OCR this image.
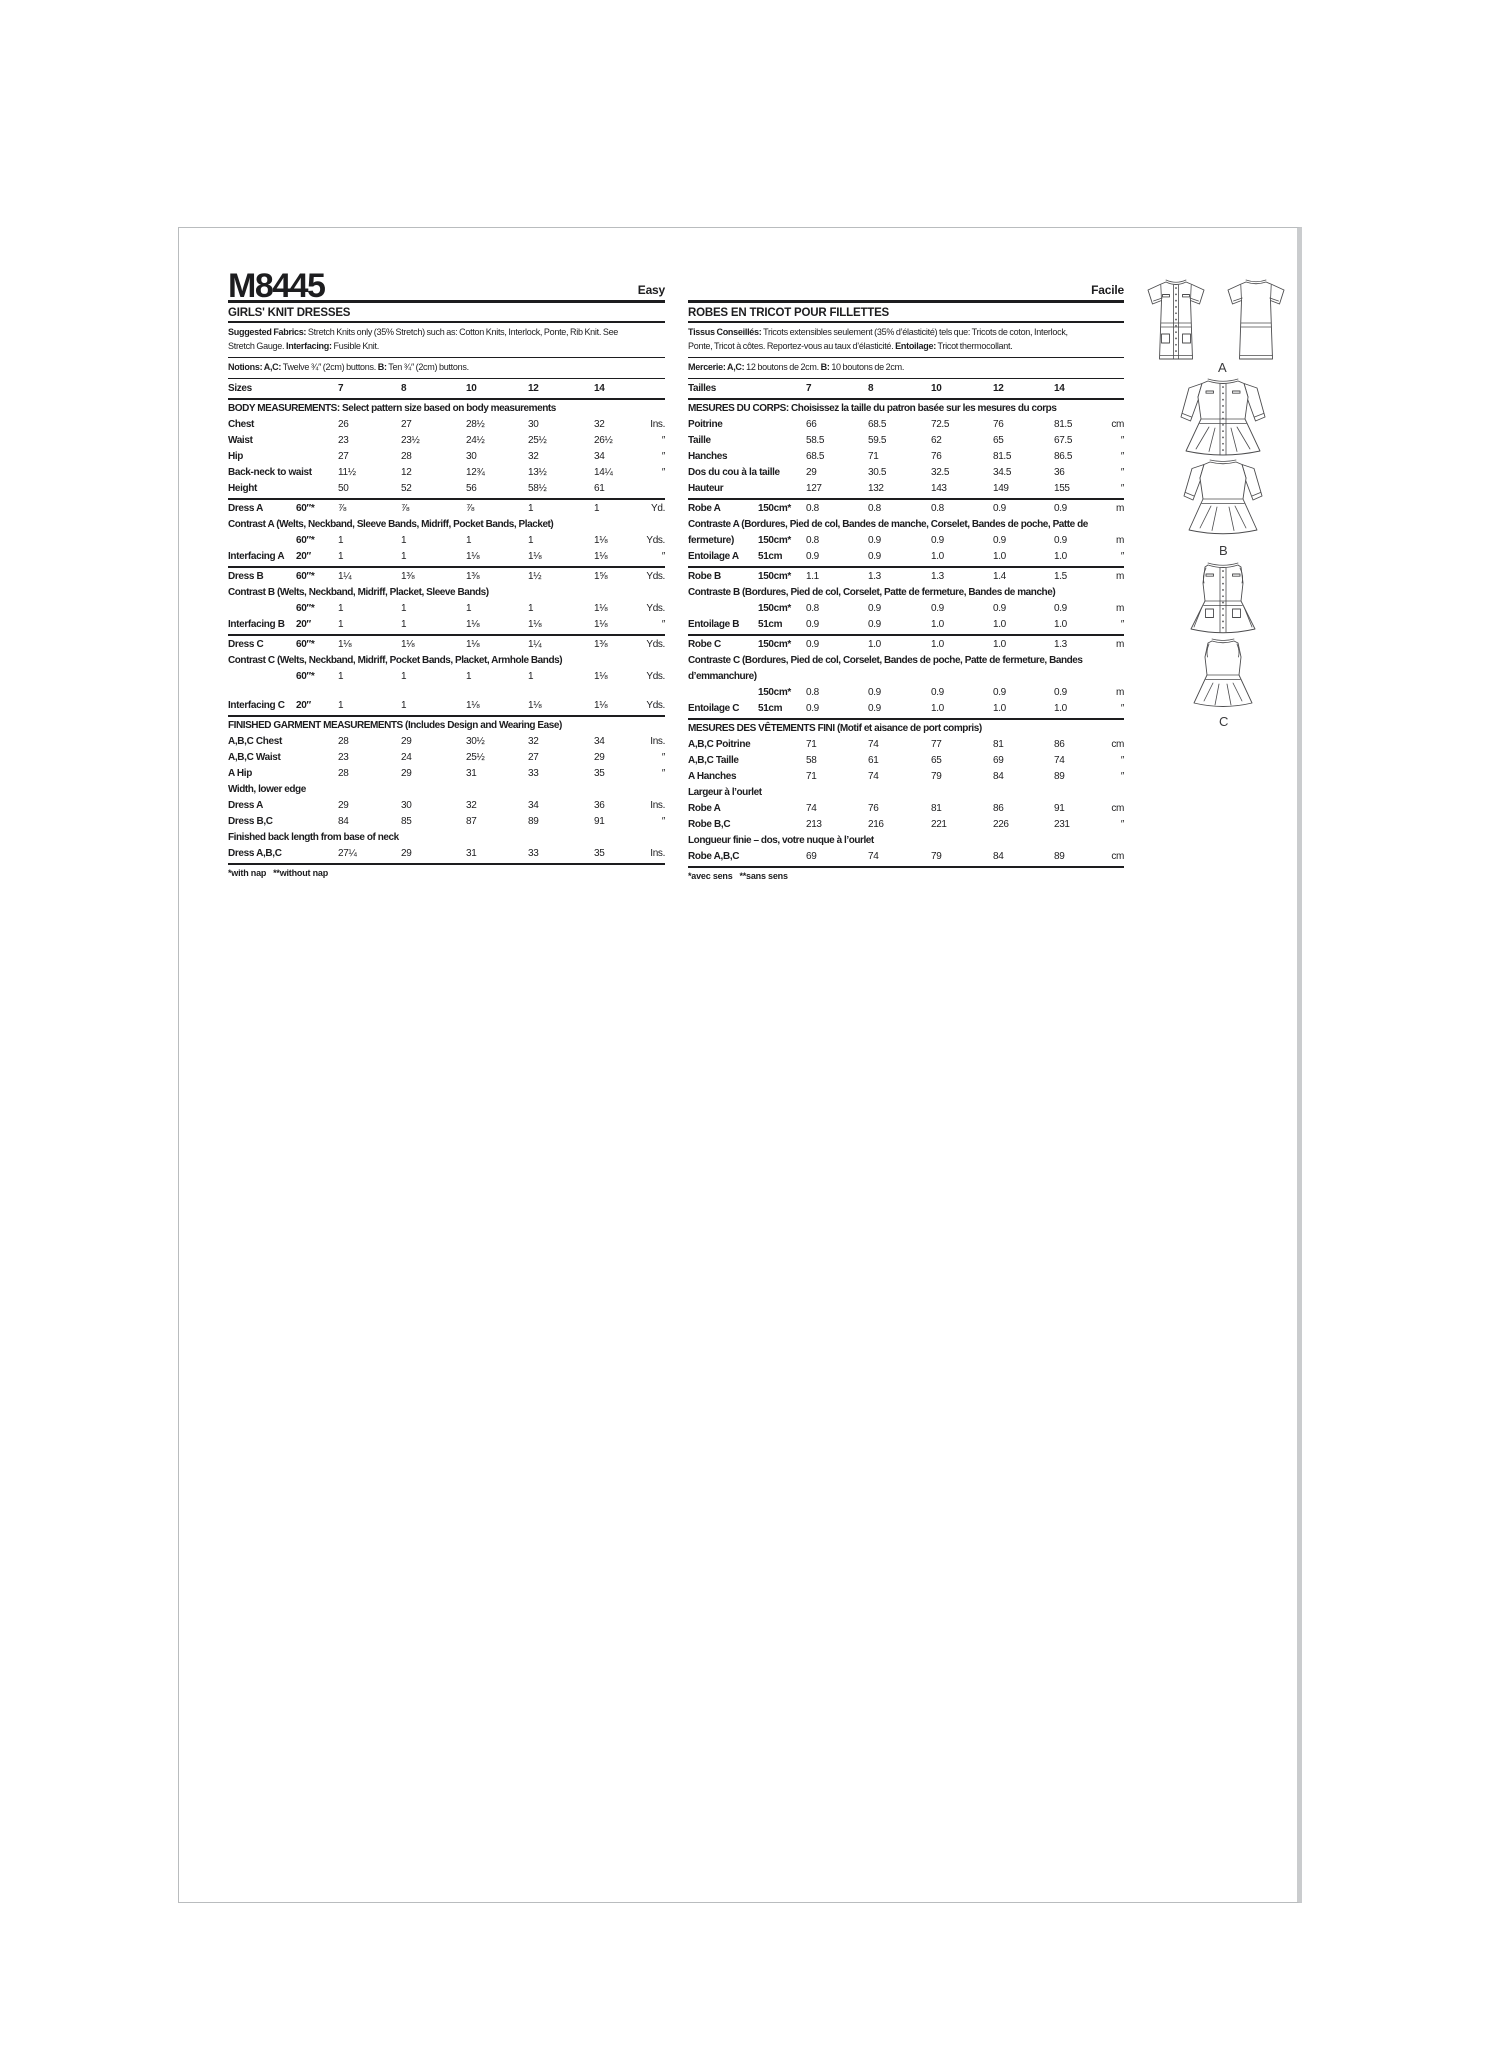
M8445	Easy
GIRLS' KNIT DRESSES

Suggested Fabrics: Stretch Knits only (35% Stretch) such as: Cotton Knits, Interlock, Ponte, Rib Knit. See
Stretch Gauge. Interfacing: Fusible Knit.

Notions: A,C: Twelve ¾″ (2cm) buttons. B: Ten ¾″ (2cm) buttons.

Sizes		7	8	10	12	14	

BODY MEASUREMENTS: Select pattern size based on body measurements							
Chest		26	27	28½	30	32	Ins.
Waist		23	23½	24½	25½	26½	″
Hip		27	28	30	32	34	″
Back-neck to waist		11½	12	12¾	13½	14¼	″
Height		50	52	56	58½	61	

Dress A	60″*	⅞	⅞	⅞	1	1	Yd.
Contrast A (Welts, Neckband, Sleeve Bands, Midriff, Pocket Bands, Placket)							
	60″*	1	1	1	1	1⅛	Yds.
Interfacing A	20″	1	1	1⅛	1⅛	1⅛	″

Dress B	60″*	1¼	1⅜	1⅜	1½	1⅝	Yds.
Contrast B (Welts, Neckband, Midriff, Placket, Sleeve Bands)							
	60″*	1	1	1	1	1⅛	Yds.
Interfacing B	20″	1	1	1⅛	1⅛	1⅛	″

Dress C	60″*	1⅛	1⅛	1⅛	1¼	1⅜	Yds.
Contrast C (Welts, Neckband, Midriff, Pocket Bands, Placket, Armhole Bands)							
	60″*	1	1	1	1	1⅛	Yds.

Interfacing C	20″	1	1	1⅛	1⅛	1⅛	Yds.

FINISHED GARMENT MEASUREMENTS (Includes Design and Wearing Ease)							
A,B,C Chest		28	29	30½	32	34	Ins.
A,B,C Waist		23	24	25½	27	29	″
A Hip		28	29	31	33	35	″
Width, lower edge							
Dress A		29	30	32	34	36	Ins.
Dress B,C		84	85	87	89	91	″
Finished back length from base of neck							
Dress A,B,C		27¼	29	31	33	35	Ins.

*with nap   **without nap
Facile
ROBES EN TRICOT POUR FILLETTES

Tissus Conseillés: Tricots extensibles seulement (35% d’élasticité) tels que: Tricots de coton, Interlock,
Ponte, Tricot à côtes. Reportez-vous au taux d’élasticité. Entoilage: Tricot thermocollant.

Mercerie: A,C: 12 boutons de 2cm. B: 10 boutons de 2cm.

Tailles		7	8	10	12	14	

MESURES DU CORPS: Choisissez la taille du patron basée sur les mesures du corps							
Poitrine		66	68.5	72.5	76	81.5	cm
Taille		58.5	59.5	62	65	67.5	″
Hanches		68.5	71	76	81.5	86.5	″
Dos du cou à la taille		29	30.5	32.5	34.5	36	″
Hauteur		127	132	143	149	155	″

Robe A	150cm*	0.8	0.8	0.8	0.9	0.9	m
Contraste A (Bordures, Pied de col, Bandes de manche, Corselet, Bandes de poche, Patte de							
fermeture)	150cm*	0.8	0.9	0.9	0.9	0.9	m
Entoilage A	51cm	0.9	0.9	1.0	1.0	1.0	″

Robe B	150cm*	1.1	1.3	1.3	1.4	1.5	m
Contraste B (Bordures, Pied de col, Corselet, Patte de fermeture, Bandes de manche)							
	150cm*	0.8	0.9	0.9	0.9	0.9	m
Entoilage B	51cm	0.9	0.9	1.0	1.0	1.0	″

Robe C	150cm*	0.9	1.0	1.0	1.0	1.3	m
Contraste C (Bordures, Pied de col, Corselet, Bandes de poche, Patte de fermeture, Bandes							
d’emmanchure)							
	150cm*	0.8	0.9	0.9	0.9	0.9	m
Entoilage C	51cm	0.9	0.9	1.0	1.0	1.0	″

MESURES DES VÊTEMENTS FINI (Motif et aisance de port compris)							
A,B,C Poitrine		71	74	77	81	86	cm
A,B,C Taille		58	61	65	69	74	″
A Hanches		71	74	79	84	89	″
Largeur à l’ourlet							
Robe A		74	76	81	86	91	cm
Robe B,C		213	216	221	226	231	″
Longueur finie – dos, votre nuque à l’ourlet							
Robe A,B,C		69	74	79	84	89	cm

*avec sens   **sans sens
A
B
C
